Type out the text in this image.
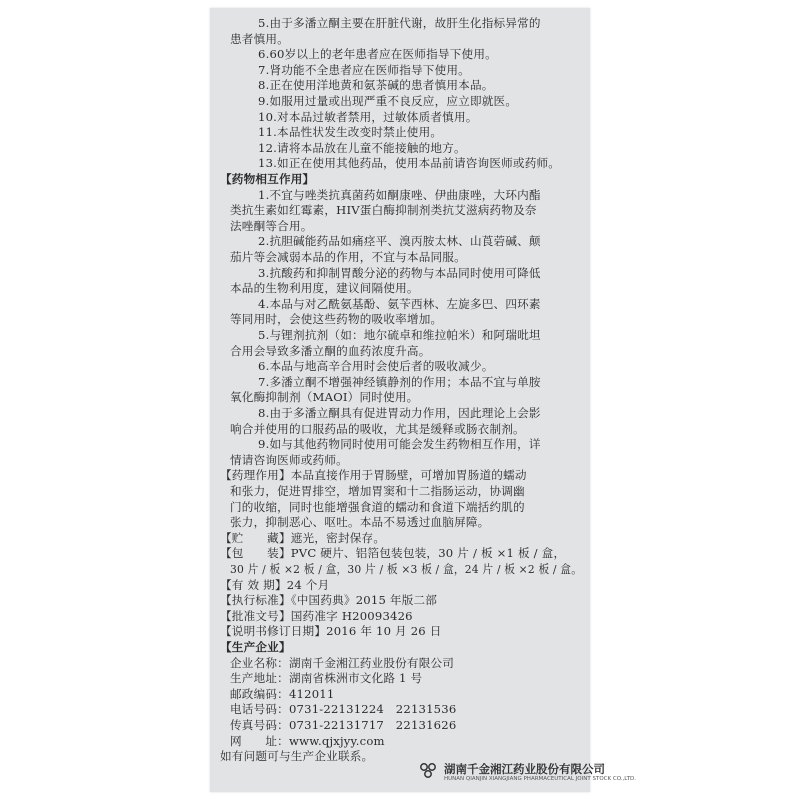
5.由于多潘立酮主要在肝脏代谢，故肝生化指标异常的
患者慎用。
6.60岁以上的老年患者应在医师指导下使用。
7.肾功能不全患者应在医师指导下使用。
8.正在使用洋地黄和氨茶碱的患者慎用本品。
9.如服用过量或出现严重不良反应，应立即就医。
10.对本品过敏者禁用，过敏体质者慎用。
11.本品性状发生改变时禁止使用。
12.请将本品放在儿童不能接触的地方。
13.如正在使用其他药品，使用本品前请咨询医师或药师。
【药物相互作用】
1.不宜与唑类抗真菌药如酮康唑、伊曲康唑，大环内酯
类抗生素如红霉素，HIV蛋白酶抑制剂类抗艾滋病药物及奈
法唑酮等合用。
2.抗胆碱能药品如痛痉平、溴丙胺太林、山莨菪碱、颠
茄片等会减弱本品的作用，不宜与本品同服。
3.抗酸药和抑制胃酸分泌的药物与本品同时使用可降低
本品的生物利用度，建议间隔使用。
4.本品与对乙酰氨基酚、氨苄西林、左旋多巴、四环素
等同用时，会使这些药物的吸收率增加。
5.与锂剂抗剂（如：地尔硫卓和维拉帕米）和阿瑞吡坦
合用会导致多潘立酮的血药浓度升高。
6.本品与地高辛合用时会使后者的吸收减少。
7.多潘立酮不增强神经镇静剂的作用；本品不宜与单胺
氧化酶抑制剂（MAOI）同时使用。
8.由于多潘立酮具有促进胃动力作用，因此理论上会影
响合并使用的口服药品的吸收，尤其是缓释或肠衣制剂。
9.如与其他药物同时使用可能会发生药物相互作用，详
情请咨询医师或药师。
【药理作用】本品直接作用于胃肠壁，可增加胃肠道的蠕动
和张力，促进胃排空，增加胃窦和十二指肠运动，协调幽
门的收缩，同时也能增强食道的蠕动和食道下端括约肌的
张力，抑制恶心、呕吐。本品不易透过血脑屏障。
【贮　　藏】遮光，密封保存。
【包　　装】PVC 硬片、铝箔包装包装，30 片 / 板 ×1 板 / 盒，
30 片 / 板 ×2 板 / 盒，30 片 / 板 ×3 板 / 盒，24 片 / 板 ×2 板 / 盒。
【有 效 期】24 个月
【执行标准】《中国药典》2015 年版二部
【批准文号】国药准字 H20093426
【说明书修订日期】2016 年 10 月 26 日
【生产企业】
企业名称：湖南千金湘江药业股份有限公司
生产地址：湖南省株洲市文化路 1 号
邮政编码：412011
电话号码：0731-22131224　22131536
传真号码：0731-22131717　22131626
网　　址：www.qjxjyy.com
如有问题可与生产企业联系。
湖南千金湘江药业股份有限公司
HUNAN QIANJIN XIANGJIANG PHARMACEUTICAL JOINT STOCK CO.,LTD.
